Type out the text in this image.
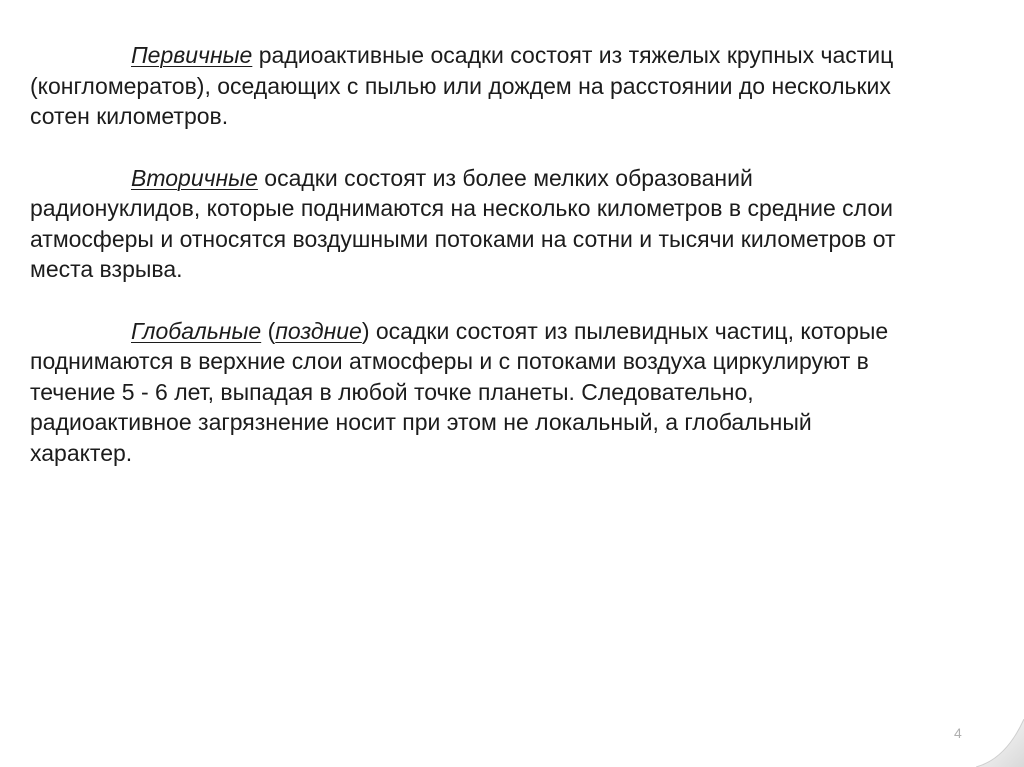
Первичные радиоактивные осадки состоят из тяжелых крупных частиц (конгломератов), оседающих с пылью или дождем на расстоянии до нескольких сотен километров.

Вторичные осадки состоят из более мелких образований радионуклидов, которые поднимаются на несколько километров в средние слои атмосферы и относятся воздушными потоками на сотни и тысячи километров от места взрыва.

Глобальные (поздние) осадки состоят из пылевидных частиц, которые поднимаются в верхние слои атмосферы и с потоками воздуха циркулируют в течение 5 - 6 лет, выпадая в любой точке планеты. Следовательно, радиоактивное загрязнение носит при этом не локальный, а глобальный характер.

4
